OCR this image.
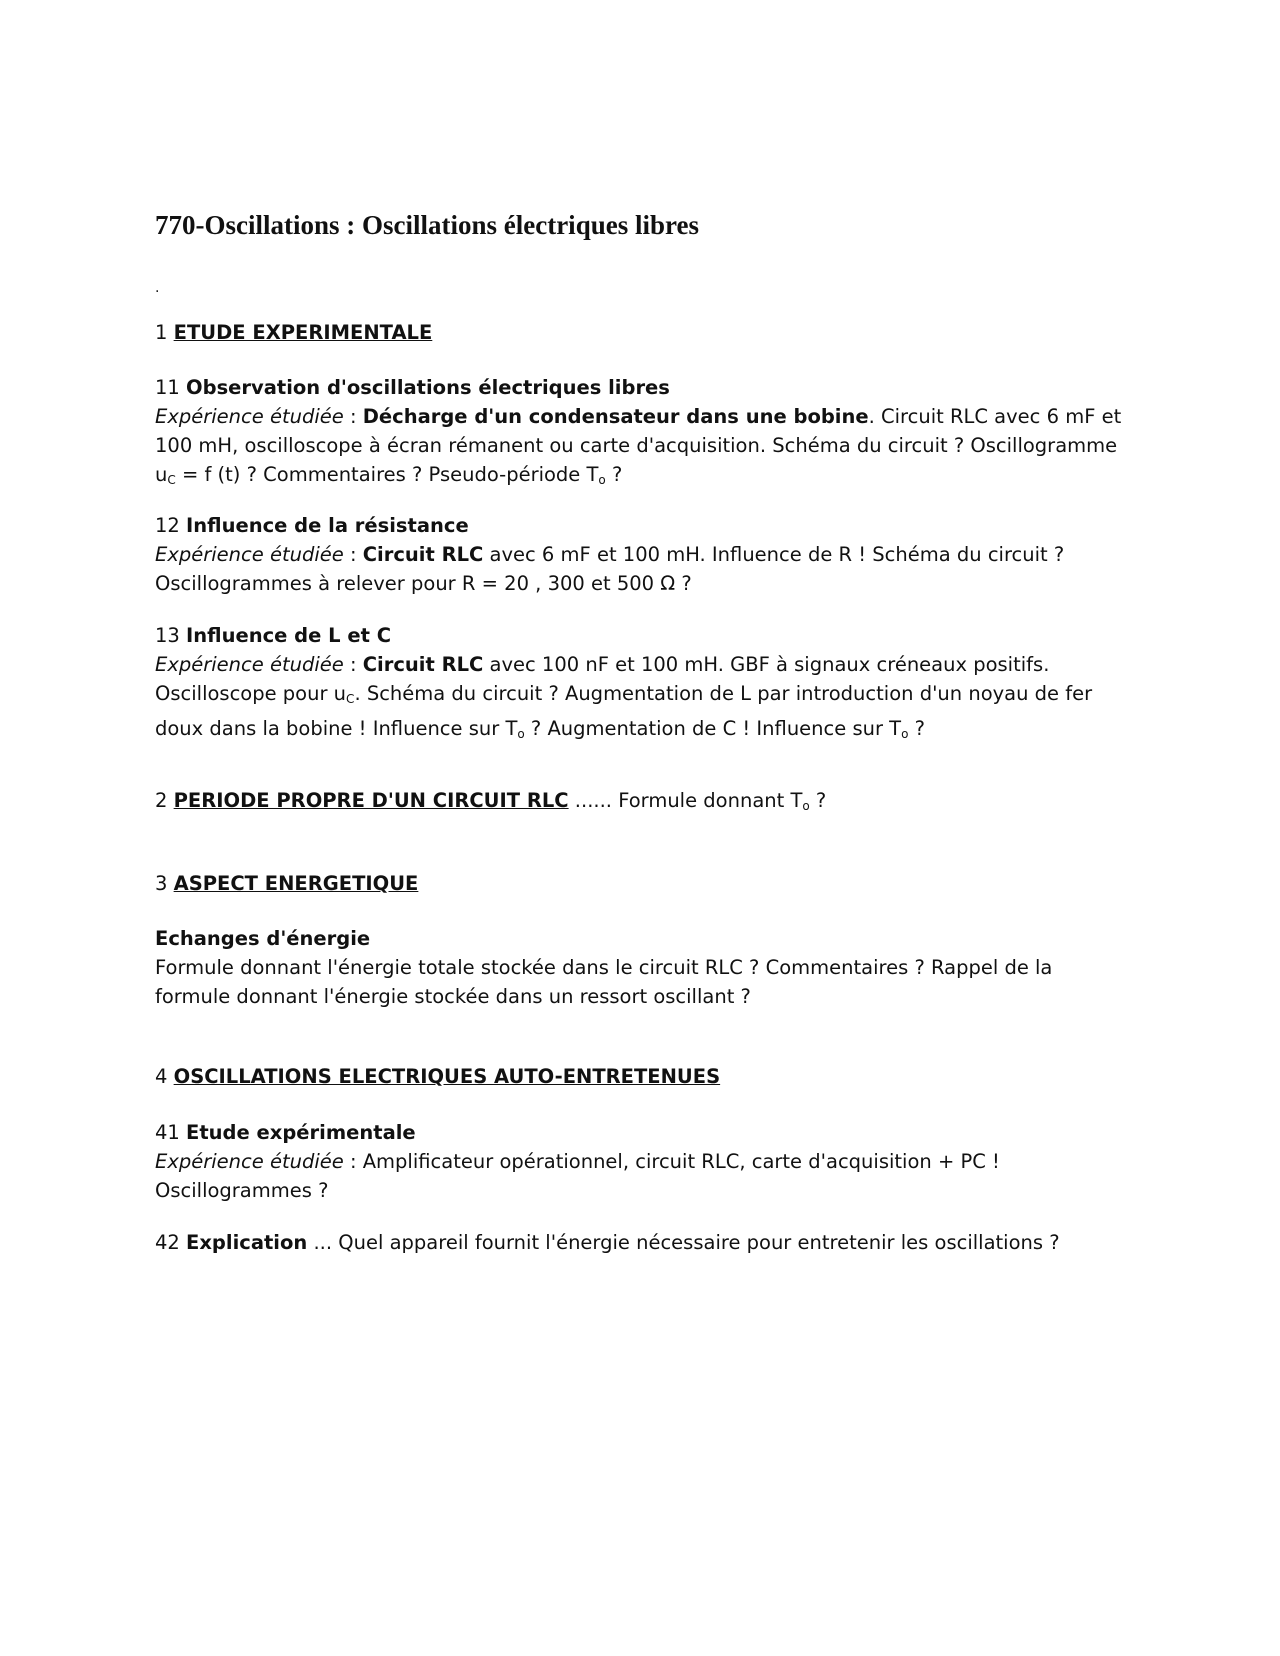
770-Oscillations : Oscillations électriques libres
.
1 ETUDE EXPERIMENTALE

11 Observation d'oscillations électriques libres

Expérience étudiée : Décharge d'un condensateur dans une bobine. Circuit RLC avec 6 mF et 100 mH, oscilloscope à écran rémanent ou carte d'acquisition. Schéma du circuit ? Oscillogramme $u_C = f$ (t) ? Commentaires ? Pseudo-période $T_o$ ?

12 Influence de la résistance

Expérience étudiée : Circuit RLC avec 6 mF et 100 mH. Influence de R ! Schéma du circuit ? Oscillogrammes à relever pour R = 20 , 300 et 500 Ω ?

13 Influence de L et C

Expérience étudiée : Circuit RLC avec 100 nF et 100 mH. GBF à signaux créneaux positifs. Oscilloscope pour $u_C$. Schéma du circuit ? Augmentation de L par introduction d'un noyau de fer doux dans la bobine ! Influence sur $T_o$ ? Augmentation de C ! Influence sur $T_o$ ?

2 PERIODE PROPRE D'UN CIRCUIT RLC ...... Formule donnant $T_o$ ?
3 ASPECT ENERGETIQUE

Echanges d'énergie

Formule donnant l'énergie totale stockée dans le circuit RLC ? Commentaires ? Rappel de la formule donnant l'énergie stockée dans un ressort oscillant ?

4 OSCILLATIONS ELECTRIQUES AUTO-ENTRETENUES

41 Etude expérimentale

Expérience étudiée : Amplificateur opérationnel, circuit RLC, carte d'acquisition + PC ! Oscillogrammes ?

42 Explication ... Quel appareil fournit l'énergie nécessaire pour entretenir les oscillations ?
